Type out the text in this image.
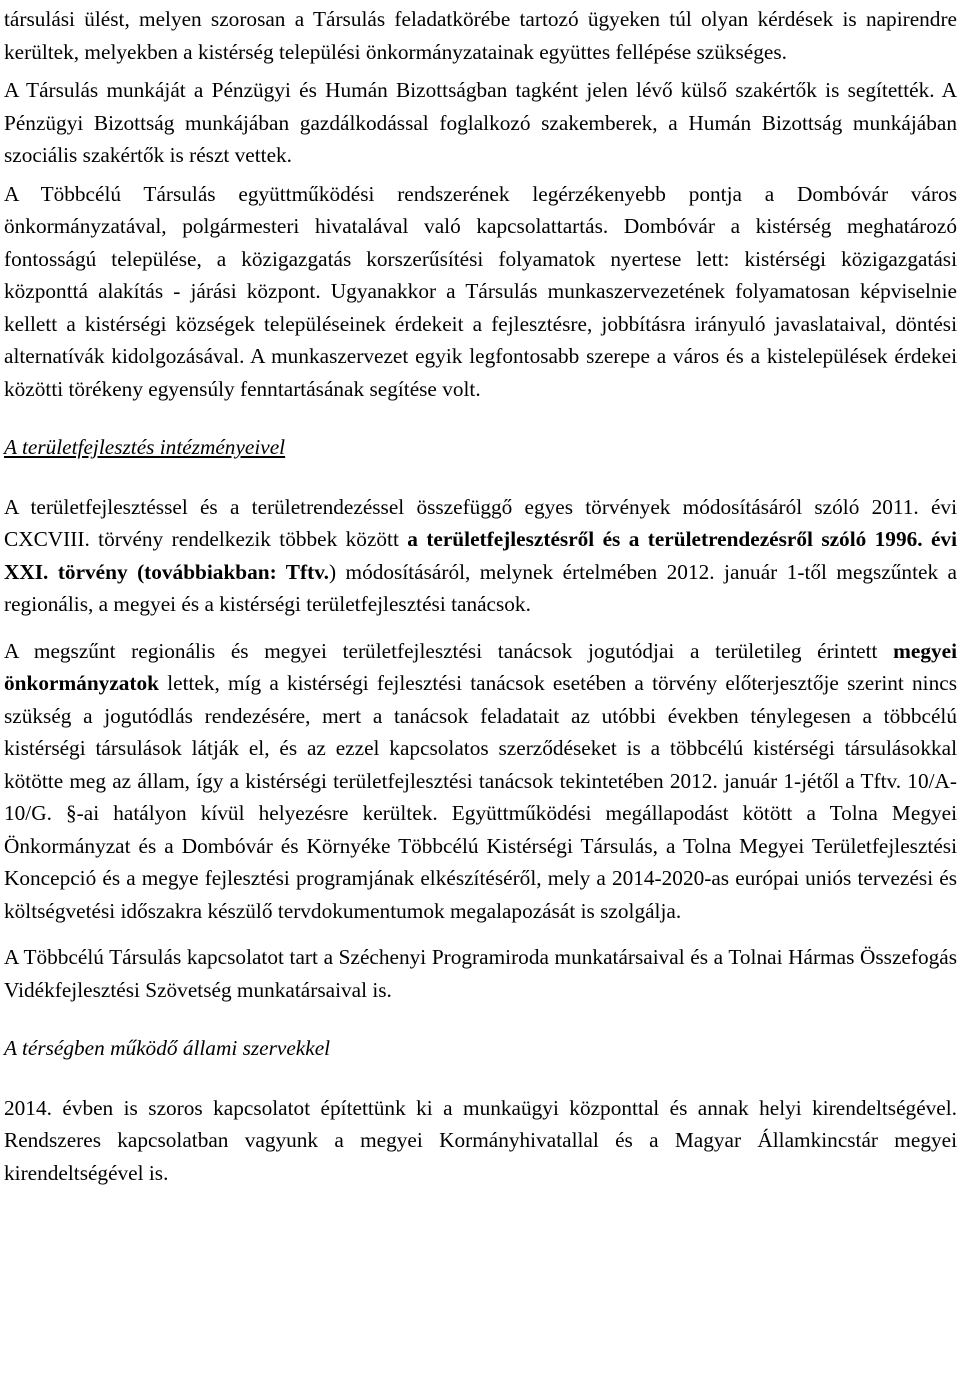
társulási ülést, melyen szorosan a Társulás feladatkörébe tartozó ügyeken túl olyan kérdések is napirendre kerültek, melyekben a kistérség települési önkormányzatainak együttes fellépése szükséges.

A Társulás munkáját a Pénzügyi és Humán Bizottságban tagként jelen lévő külső szakértők is segítették. A Pénzügyi Bizottság munkájában gazdálkodással foglalkozó szakemberek, a Humán Bizottság munkájában szociális szakértők is részt vettek.

A Többcélú Társulás együttműködési rendszerének legérzékenyebb pontja a Dombóvár város önkormányzatával, polgármesteri hivatalával való kapcsolattartás. Dombóvár a kistérség meghatározó fontosságú települése, a közigazgatás korszerűsítési folyamatok nyertese lett: kistérségi közigazgatási központtá alakítás - járási központ. Ugyanakkor a Társulás munkaszervezetének folyamatosan képviselnie kellett a kistérségi községek településeinek érdekeit a fejlesztésre, jobbításra irányuló javaslataival, döntési alternatívák kidolgozásával. A munkaszervezet egyik legfontosabb szerepe a város és a kistelepülések érdekei közötti törékeny egyensúly fenntartásának segítése volt.

A területfejlesztés intézményeivel

A területfejlesztéssel és a területrendezéssel összefüggő egyes törvények módosításáról szóló 2011. évi CXCVIII. törvény rendelkezik többek között a területfejlesztésről és a területrendezésről szóló 1996. évi XXI. törvény (továbbiakban: Tftv.) módosításáról, melynek értelmében 2012. január 1-től megszűntek a regionális, a megyei és a kistérségi területfejlesztési tanácsok.

A megszűnt regionális és megyei területfejlesztési tanácsok jogutódjai a területileg érintett megyei önkormányzatok lettek, míg a kistérségi fejlesztési tanácsok esetében a törvény előterjesztője szerint nincs szükség a jogutódlás rendezésére, mert a tanácsok feladatait az utóbbi években ténylegesen a többcélú kistérségi társulások látják el, és az ezzel kapcsolatos szerződéseket is a többcélú kistérségi társulásokkal kötötte meg az állam, így a kistérségi területfejlesztési tanácsok tekintetében 2012. január 1-jétől a Tftv. 10/A-10/G. §-ai hatályon kívül helyezésre kerültek. Együttműködési megállapodást kötött a Tolna Megyei Önkormányzat és a Dombóvár és Környéke Többcélú Kistérségi Társulás, a Tolna Megyei Területfejlesztési Koncepció és a megye fejlesztési programjának elkészítéséről, mely a 2014-2020-as európai uniós tervezési és költségvetési időszakra készülő tervdokumentumok megalapozását is szolgálja.

A Többcélú Társulás kapcsolatot tart a Széchenyi Programiroda munkatársaival és a Tolnai Hármas Összefogás Vidékfejlesztési Szövetség munkatársaival is.

A térségben működő állami szervekkel

2014. évben is szoros kapcsolatot építettünk ki a munkaügyi központtal és annak helyi kirendeltségével. Rendszeres kapcsolatban vagyunk a megyei Kormányhivatallal és a Magyar Államkincstár megyei kirendeltségével is.
